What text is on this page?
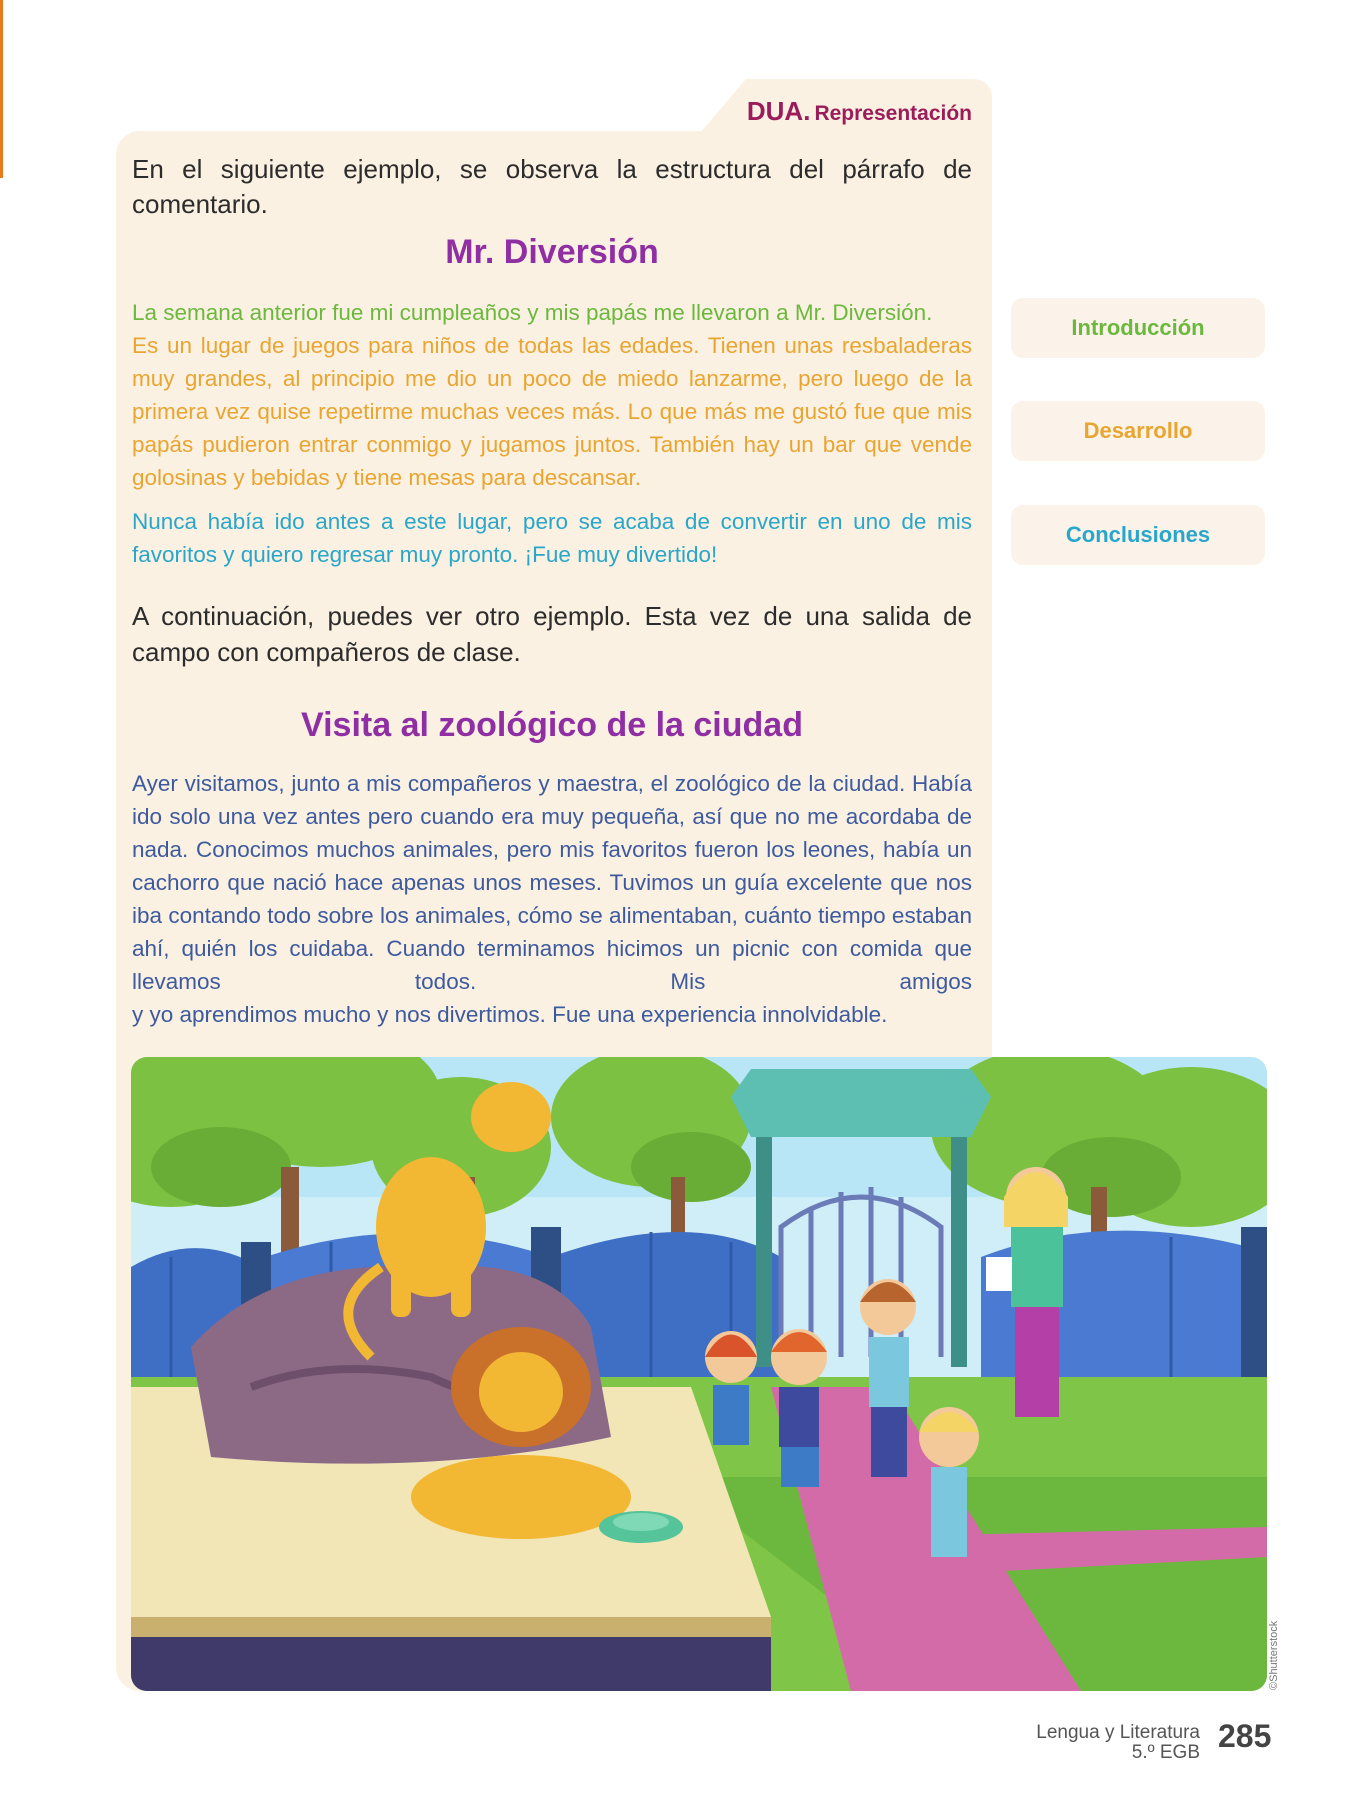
DUA. Representación
En el siguiente ejemplo, se observa la estructura del párrafo de comentario.
Mr. Diversión
La semana anterior fue mi cumpleaños y mis papás me llevaron a Mr. Diversión.
Es un lugar de juegos para niños de todas las edades. Tienen unas resbaladeras muy grandes, al principio me dio un poco de miedo lanzarme, pero luego de la primera vez quise repetirme muchas veces más. Lo que más me gustó fue que mis papás pudieron entrar conmigo y jugamos juntos. También hay un bar que vende golosinas y bebidas y tiene mesas para descansar.
Nunca había ido antes a este lugar, pero se acaba de convertir en uno de mis favoritos y quiero regresar muy pronto. ¡Fue muy divertido!
Introducción
Desarrollo
Conclusiones
A continuación, puedes ver otro ejemplo. Esta vez de una salida de campo con compañeros de clase.
Visita al zoológico de la ciudad
Ayer visitamos, junto a mis compañeros y maestra, el zoológico de la ciudad. Había ido solo una vez antes pero cuando era muy pequeña, así que no me acordaba de nada. Conocimos muchos animales, pero mis favoritos fueron los leones, había un cachorro que nació hace apenas unos meses. Tuvimos un guía excelente que nos iba contando todo sobre los animales, cómo se alimentaban, cuánto tiempo estaban ahí, quién los cuidaba. Cuando terminamos hicimos un picnic con comida que llevamos todos. Mis amigos
y yo aprendimos mucho y nos divertimos. Fue una experiencia innolvidable.
©Shutterstock
Lengua y Literatura
5.º EGB 285
